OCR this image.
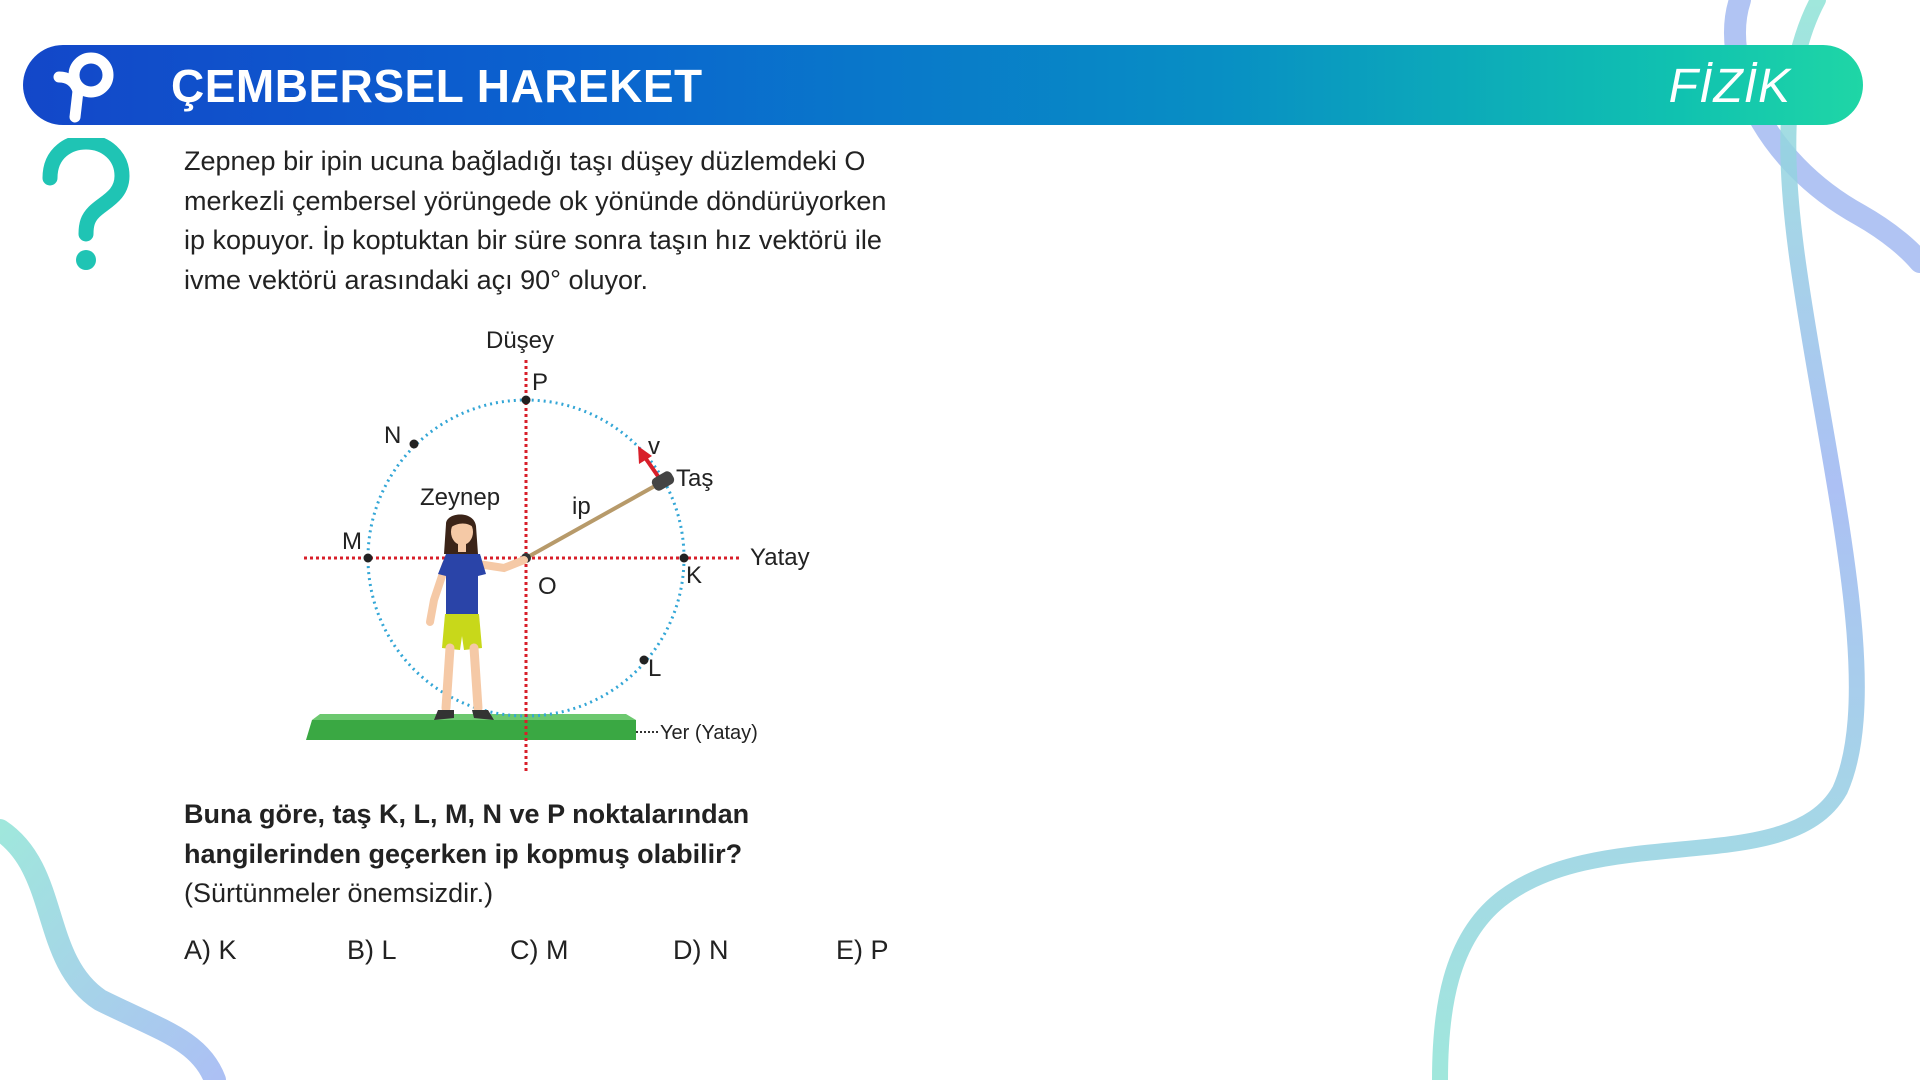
ÇEMBERSEL HAREKET	FİZİK
Zepnep bir ipin ucuna bağladığı taşı düşey düzlemdeki O
merkezli çembersel yörüngede ok yönünde döndürüyorken
ip kopuyor. İp koptuktan bir süre sonra taşın hız vektörü ile
ivme vektörü arasındaki açı 90° oluyor.
Yer (Yatay)
Düşey
Yatay
ip
v
Taş
O
P
N
M
K
L
Zeynep
Buna göre, taş K, L, M, N ve P noktalarından
hangilerinden geçerken ip kopmuş olabilir?
(Sürtünmeler önemsizdir.)
A) K	B) L	C) M	D) N	E) P
